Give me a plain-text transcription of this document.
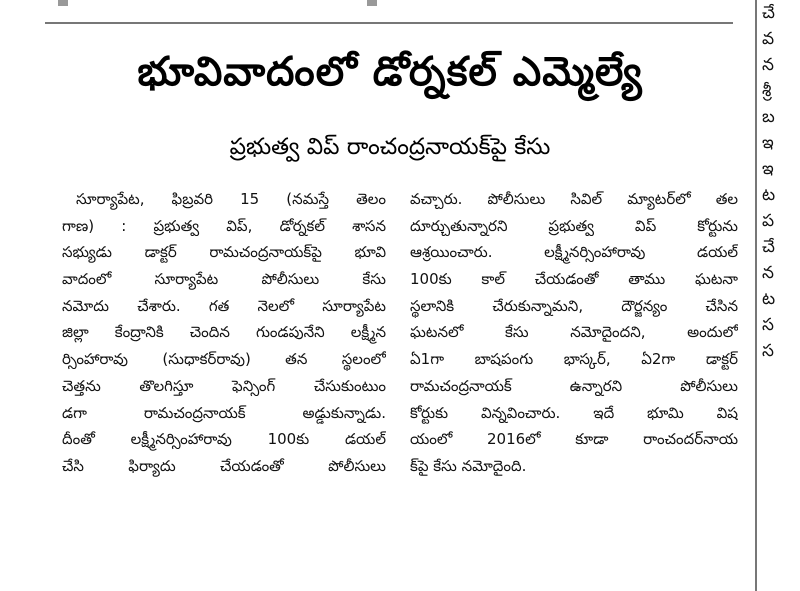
భూవివాదంలో డోర్నకల్ ఎమ్మెల్యే
ప్రభుత్వ విప్ రాంచంద్రనాయక్‌పై కేసు
సూర్యాపేట, ఫిబ్రవరి 15 (నమస్తే తెలం
గాణ) : ప్రభుత్వ విప్, డోర్నకల్ శాసన
సభ్యుడు డాక్టర్ రామచంద్రనాయక్‌పై భూవి
వాదంలో సూర్యాపేట పోలీసులు కేసు
నమోదు చేశారు. గత నెలలో సూర్యాపేట
జిల్లా కేంద్రానికి చెందిన గుండపునేని లక్ష్మీన
ర్సింహారావు (సుధాకర్‌రావు) తన స్థలంలో
చెత్తను తొలగిస్తూ ఫెన్సింగ్ చేసుకుంటుం
డగా రామచంద్రనాయక్ అడ్డుకున్నాడు.
దీంతో లక్ష్మీనర్సింహారావు 100కు డయల్
చేసి ఫిర్యాదు చేయడంతో పోలీసులు
వచ్చారు. పోలీసులు సివిల్ మ్యాటర్‌లో తల
దూర్చుతున్నారని ప్రభుత్వ విప్ కోర్టును
ఆశ్రయించారు. లక్ష్మీనర్సింహారావు డయల్
100కు కాల్ చేయడంతో తాము ఘటనా
స్థలానికి చేరుకున్నామని, దౌర్జన్యం చేసిన
ఘటనలో కేసు నమోదైందని, అందులో
ఏ1గా బాషపంగు భాస్కర్, ఏ2గా డాక్టర్
రామచంద్రనాయక్ ఉన్నారని పోలీసులు
కోర్టుకు విన్నవించారు. ఇదే భూమి విష
యంలో 2016లో కూడా రాంచందర్‌నాయ
క్‌పై కేసు నమోదైంది.
చే
వ
న
శ్రీ
బ
ఇ
ఇ
ట
ప
చే
న
ట
స
స
